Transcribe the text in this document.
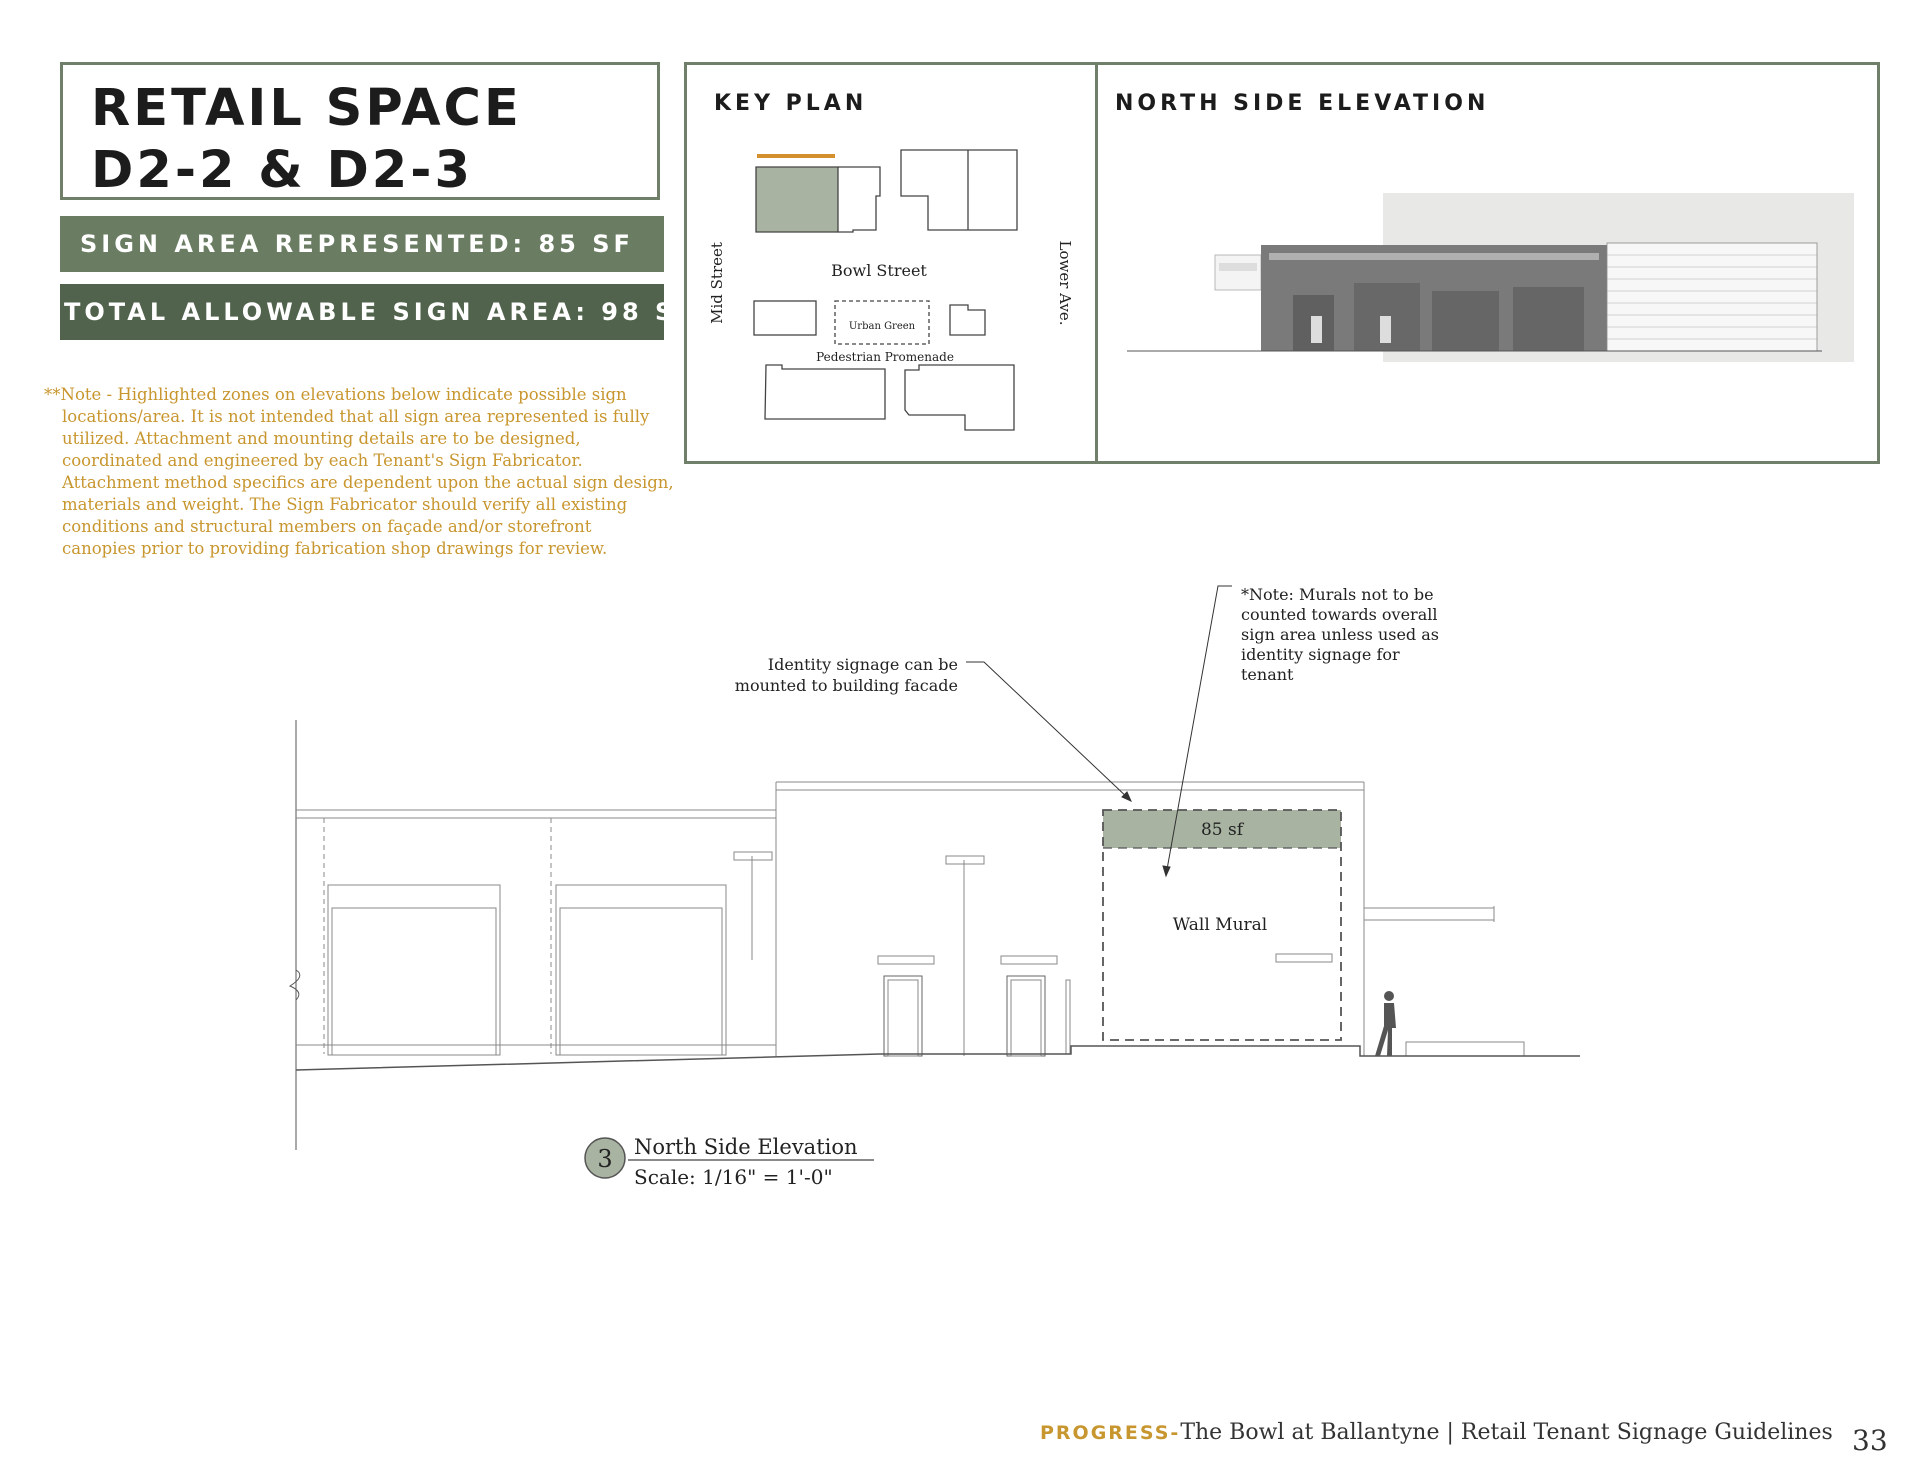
RETAIL SPACE
D2-2 & D2-3
SIGN AREA REPRESENTED: 85 SF
TOTAL ALLOWABLE SIGN AREA: 98 SF
**Note - Highlighted zones on elevations below indicate possible sign
locations/area. It is not intended that all sign area represented is fully
utilized. Attachment and mounting details are to be designed,
coordinated and engineered by each Tenant's Sign Fabricator.
Attachment method specifics are dependent upon the actual sign design,
materials and weight. The Sign Fabricator should verify all existing
conditions and structural members on façade and/or storefront
canopies prior to providing fabrication shop drawings for review.
KEY PLAN	NORTH SIDE ELEVATION
Bowl Street
Urban Green
Pedestrian Promenade
Mid Street	Lower Ave.
85 sf
Wall Mural
Identity signage can be
mounted to building facade
*Note: Murals not to be
counted towards overall
sign area unless used as
identity signage for
tenant
3 North Side Elevation
Scale: 1/16" = 1'-0"
PROGRESS-The Bowl at Ballantyne | Retail Tenant Signage Guidelines 33
